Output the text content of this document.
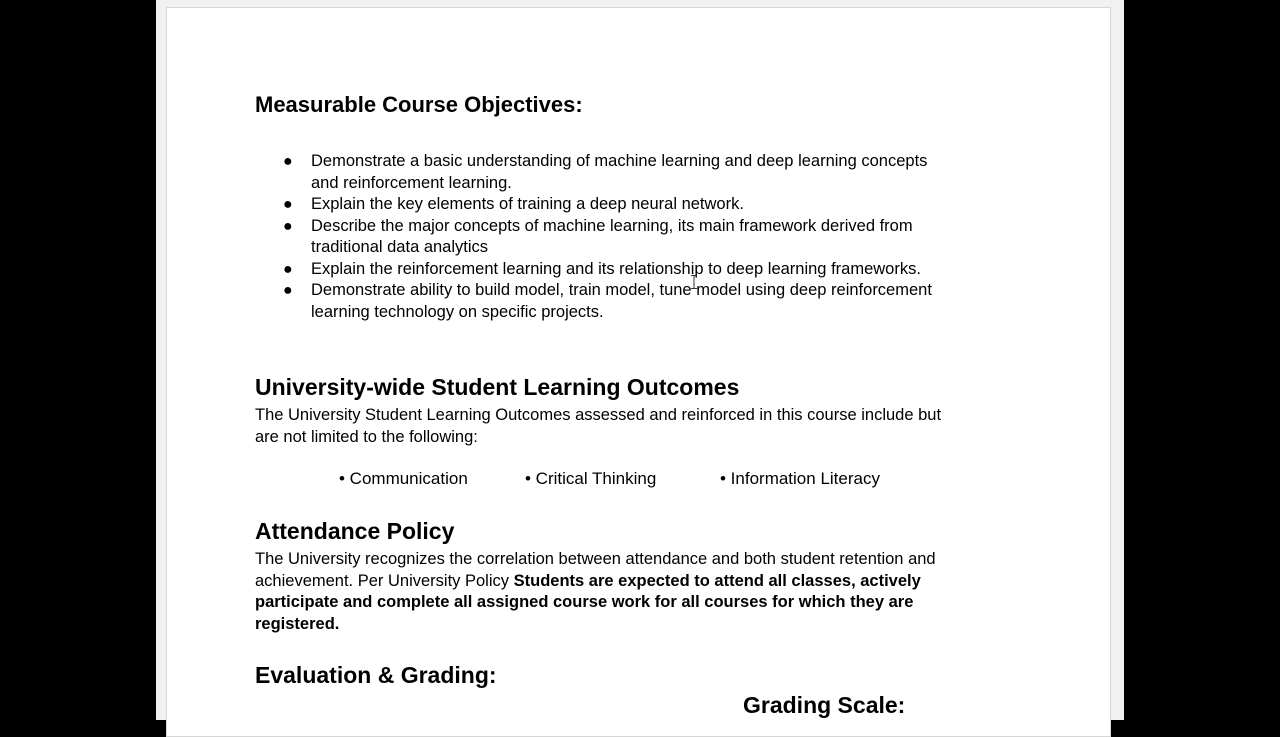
Measurable Course Objectives:
● Demonstrate a basic understanding of machine learning and deep learning concepts and reinforcement learning.
● Explain the key elements of training a deep neural network.
● Describe the major concepts of machine learning, its main framework derived from traditional data analytics
● Explain the reinforcement learning and its relationship to deep learning frameworks.
● Demonstrate ability to build model, train model, tune model using deep reinforcement learning technology on specific projects.
University-wide Student Learning Outcomes

The University Student Learning Outcomes assessed and reinforced in this course include but are not limited to the following:

• Communication	• Critical Thinking	• Information Literacy
Attendance Policy

The University recognizes the correlation between attendance and both student retention and achievement. Per University Policy Students are expected to attend all classes, actively participate and complete all assigned course work for all courses for which they are registered.

Evaluation & Grading:
Grading Scale:
